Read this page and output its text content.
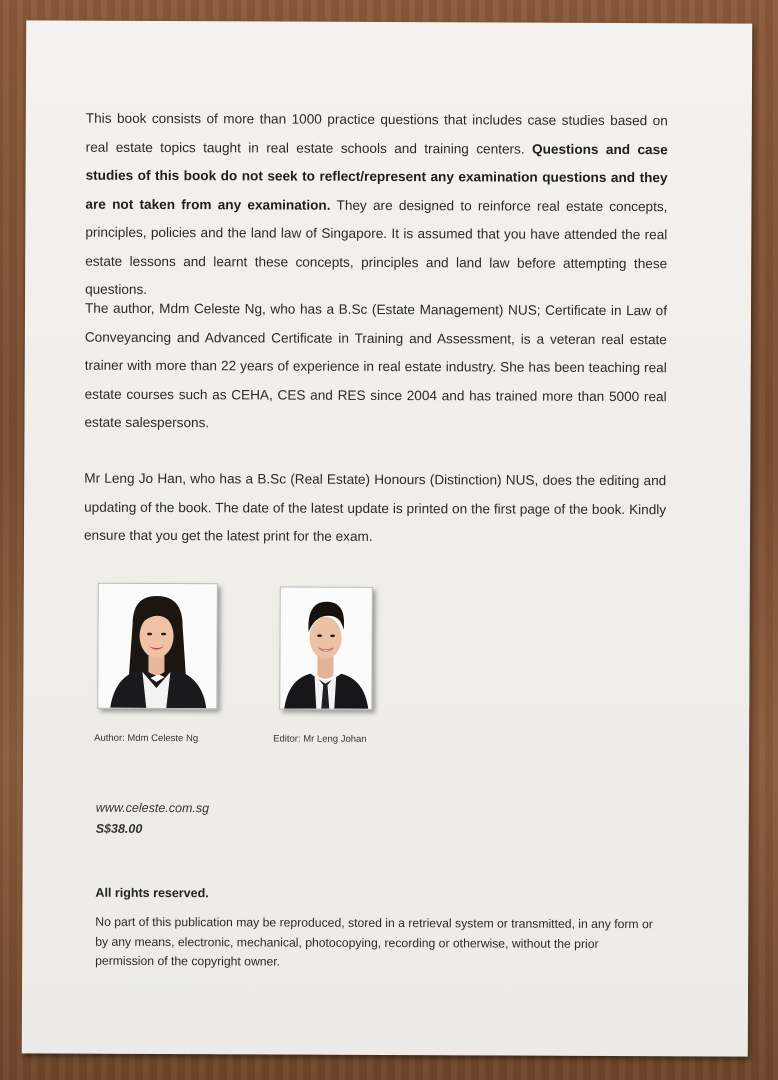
This book consists of more than 1000 practice questions that includes case studies based on real estate topics taught in real estate schools and training centers. Questions and case studies of this book do not seek to reflect/represent any examination questions and they are not taken from any examination. They are designed to reinforce real estate concepts, principles, policies and the land law of Singapore. It is assumed that you have attended the real estate lessons and learnt these concepts, principles and land law before attempting these questions.

The author, Mdm Celeste Ng, who has a B.Sc (Estate Management) NUS; Certificate in Law of Conveyancing and Advanced Certificate in Training and Assessment, is a veteran real estate trainer with more than 22 years of experience in real estate industry. She has been teaching real estate courses such as CEHA, CES and RES since 2004 and has trained more than 5000 real estate salespersons.

Mr Leng Jo Han, who has a B.Sc (Real Estate) Honours (Distinction) NUS, does the editing and updating of the book. The date of the latest update is printed on the first page of the book. Kindly ensure that you get the latest print for the exam.

Author: Mdm Celeste Ng	Editor: Mr Leng Johan
www.celeste.com.sg
S$38.00
All rights reserved.

No part of this publication may be reproduced, stored in a retrieval system or transmitted, in any form or by any means, electronic, mechanical, photocopying, recording or otherwise, without the prior permission of the copyright owner.
